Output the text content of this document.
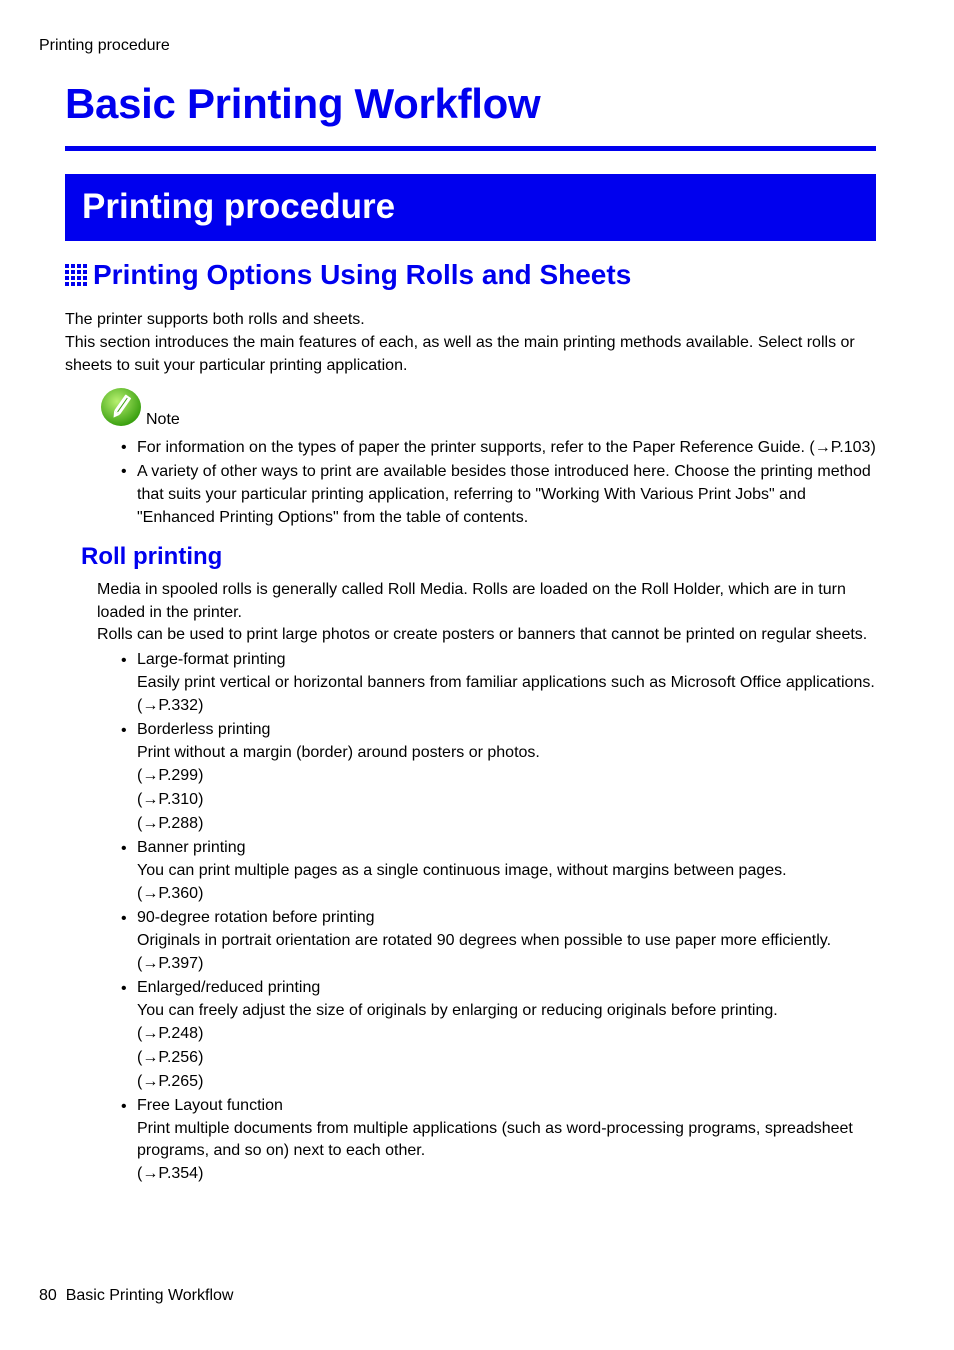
Printing procedure
Basic Printing Workflow
Printing procedure
Printing Options Using Rolls and Sheets

The printer supports both rolls and sheets.

This section introduces the main features of each, as well as the main printing methods available. Select rolls or sheets to suit your particular printing application.

Note
• For information on the types of paper the printer supports, refer to the Paper Reference Guide. (→P.103)
• A variety of other ways to print are available besides those introduced here. Choose the printing method that suits your particular printing application, referring to "Working With Various Print Jobs" and "Enhanced Printing Options" from the table of contents.
Roll printing

Media in spooled rolls is generally called Roll Media. Rolls are loaded on the Roll Holder, which are in turn loaded in the printer.

Rolls can be used to print large photos or create posters or banners that cannot be printed on regular sheets.

• Large-format printing
Easily print vertical or horizontal banners from familiar applications such as Microsoft Office applications.
(→P.332)
• Borderless printing
Print without a margin (border) around posters or photos.
(→P.299)
(→P.310)
(→P.288)
• Banner printing
You can print multiple pages as a single continuous image, without margins between pages.
(→P.360)
• 90-degree rotation before printing
Originals in portrait orientation are rotated 90 degrees when possible to use paper more efficiently.
(→P.397)
• Enlarged/reduced printing
You can freely adjust the size of originals by enlarging or reducing originals before printing.
(→P.248)
(→P.256)
(→P.265)
• Free Layout function
Print multiple documents from multiple applications (such as word-processing programs, spreadsheet programs, and so on) next to each other.
(→P.354)
80 Basic Printing Workflow
